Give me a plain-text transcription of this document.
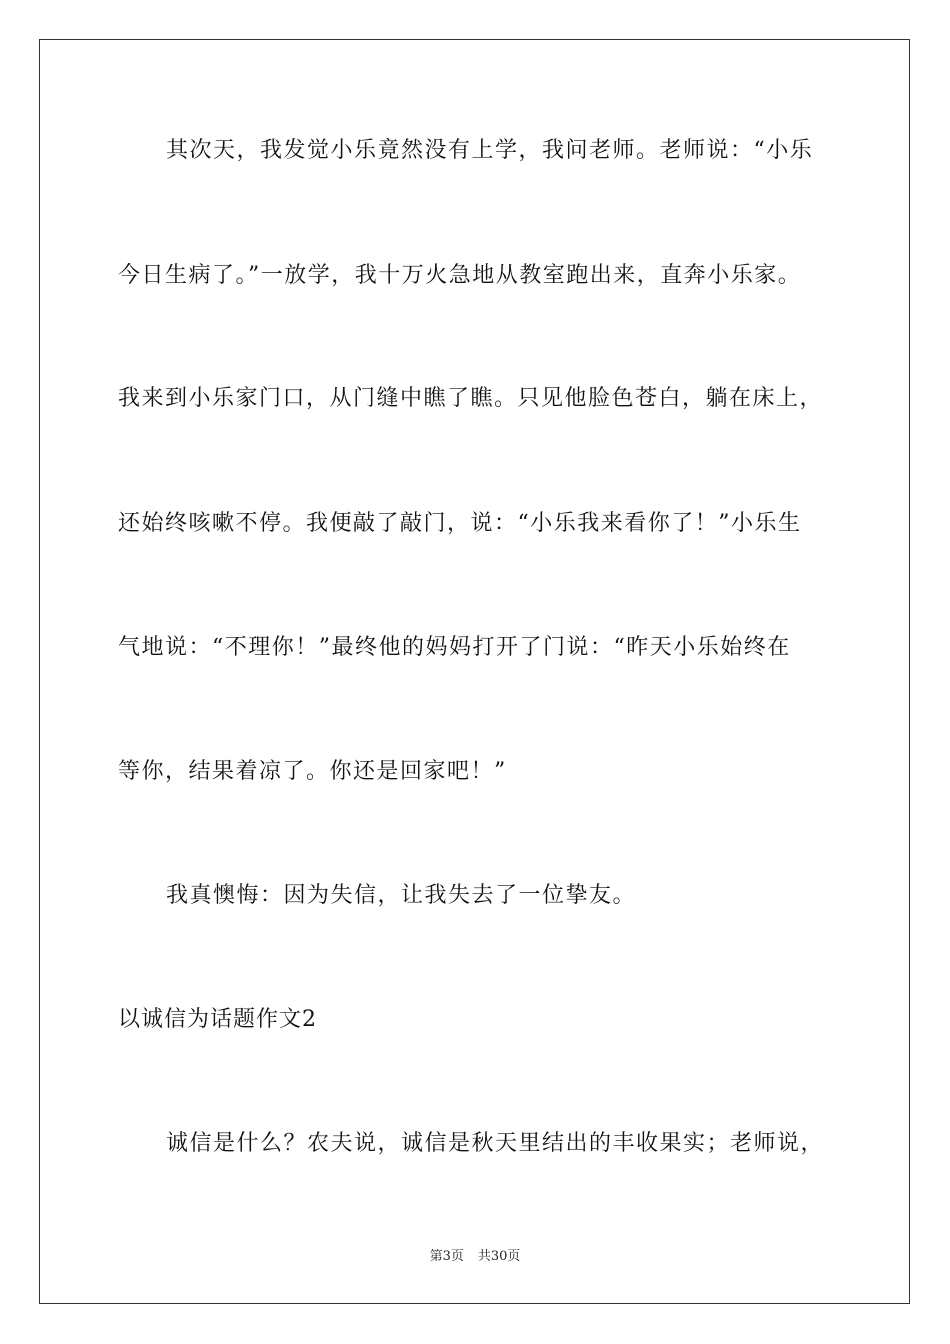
其次天，我发觉小乐竟然没有上学，我问老师。老师说：“小乐
今日生病了。”一放学，我十万火急地从教室跑出来，直奔小乐家。
我来到小乐家门口，从门缝中瞧了瞧。只见他脸色苍白，躺在床上，
还始终咳嗽不停。我便敲了敲门，说：“小乐我来看你了！”小乐生
气地说：“不理你！”最终他的妈妈打开了门说：“昨天小乐始终在
等你，结果着凉了。你还是回家吧！”
我真懊悔：因为失信，让我失去了一位挚友。
以诚信为话题作文2
诚信是什么？农夫说，诚信是秋天里结出的丰收果实；老师说，
第3页 共30页
